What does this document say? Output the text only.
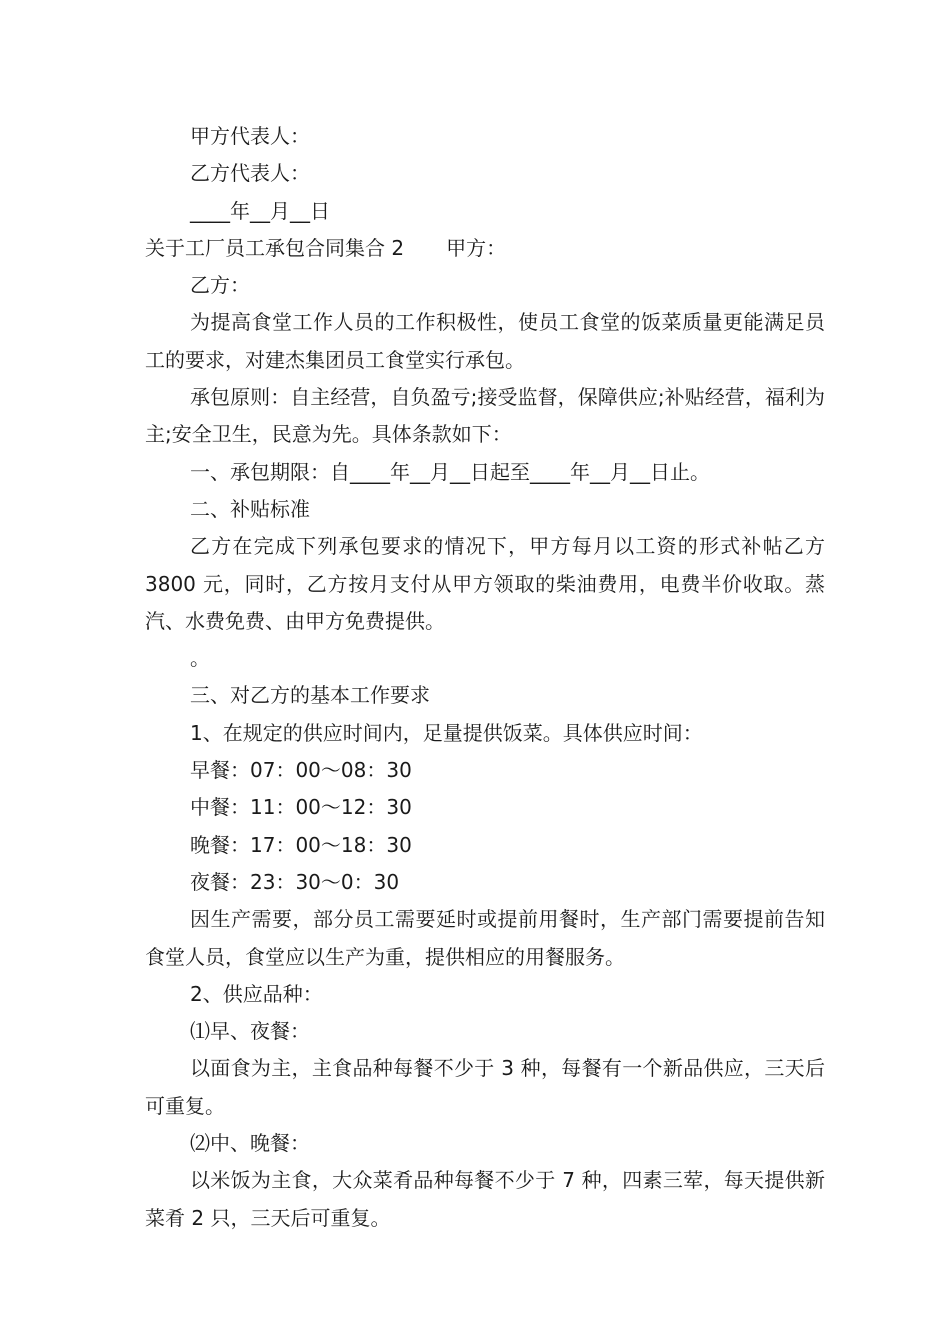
甲方代表人：

乙方代表人：

____年__月__日

关于工厂员工承包合同集合 2 甲方：

乙方：

为提高食堂工作人员的工作积极性，使员工食堂的饭菜质量更能满足员工的要求，对建杰集团员工食堂实行承包。

承包原则：自主经营，自负盈亏;接受监督，保障供应;补贴经营，福利为主;安全卫生，民意为先。具体条款如下：

一、承包期限：自____年__月__日起至____年__月__日止。

二、补贴标准

乙方在完成下列承包要求的情况下，甲方每月以工资的形式补帖乙方 3800 元，同时，乙方按月支付从甲方领取的柴油费用，电费半价收取。蒸汽、水费免费、由甲方免费提供。

。

三、对乙方的基本工作要求

1、在规定的供应时间内，足量提供饭菜。具体供应时间：

早餐：07：00～08：30

中餐：11：00～12：30

晚餐：17：00～18：30

夜餐：23：30～0：30

因生产需要，部分员工需要延时或提前用餐时，生产部门需要提前告知食堂人员，食堂应以生产为重，提供相应的用餐服务。

2、供应品种：

⑴早、夜餐：

以面食为主，主食品种每餐不少于 3 种，每餐有一个新品供应，三天后可重复。

⑵中、晚餐：

以米饭为主食，大众菜肴品种每餐不少于 7 种，四素三荤，每天提供新菜肴 2 只，三天后可重复。
